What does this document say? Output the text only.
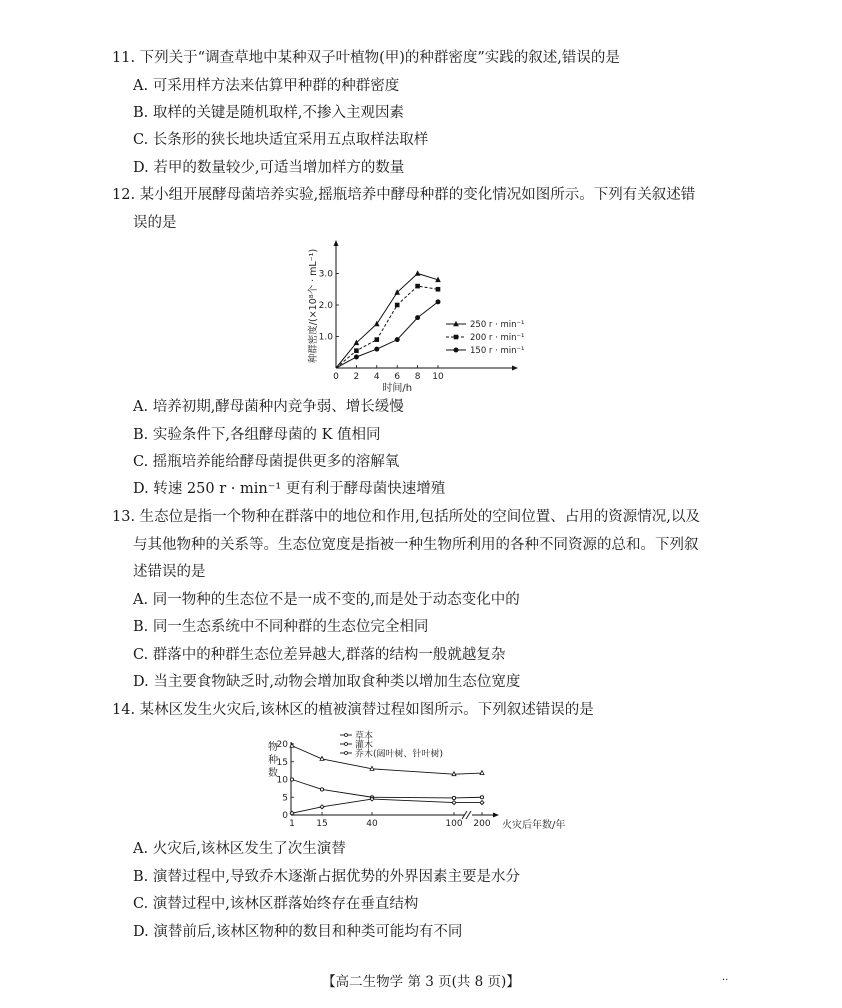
11. 下列关于“调查草地中某种双子叶植物(甲)的种群密度”实践的叙述,错误的是
A. 可采用样方法来估算甲种群的种群密度
B. 取样的关键是随机取样,不掺入主观因素
C. 长条形的狭长地块适宜采用五点取样法取样
D. 若甲的数量较少,可适当增加样方的数量
12. 某小组开展酵母菌培养实验,摇瓶培养中酵母种群的变化情况如图所示。下列有关叙述错
误的是
0 2 4 6 8 10
1.0
2.0
3.0
时间/h
种群密度/(×10⁸个 · mL⁻¹)	250 r · min⁻¹
200 r · min⁻¹
150 r · min⁻¹
A. 培养初期,酵母菌种内竞争弱、增长缓慢
B. 实验条件下,各组酵母菌的 K 值相同
C. 摇瓶培养能给酵母菌提供更多的溶解氧
D. 转速 250 r · min⁻¹ 更有利于酵母菌快速增殖
13. 生态位是指一个物种在群落中的地位和作用,包括所处的空间位置、占用的资源情况,以及
与其他物种的关系等。生态位宽度是指被一种生物所利用的各种不同资源的总和。下列叙
述错误的是
A. 同一物种的生态位不是一成不变的,而是处于动态变化中的
B. 同一生态系统中不同种群的生态位完全相同
C. 群落中的种群生态位差异越大,群落的结构一般就越复杂
D. 当主要食物缺乏时,动物会增加取食种类以增加生态位宽度
14. 某林区发生火灾后,该林区的植被演替过程如图所示。下列叙述错误的是
1 15	40	100 200
0
5
10
15
20
火灾后年数/年
物种数
草本
灌木
乔木(阔叶树、针叶树)
A. 火灾后,该林区发生了次生演替
B. 演替过程中,导致乔木逐渐占据优势的外界因素主要是水分
C. 演替过程中,该林区群落始终存在垂直结构
D. 演替前后,该林区物种的数目和种类可能均有不同
【高二生物学 第 3 页(共 8 页)】	··
